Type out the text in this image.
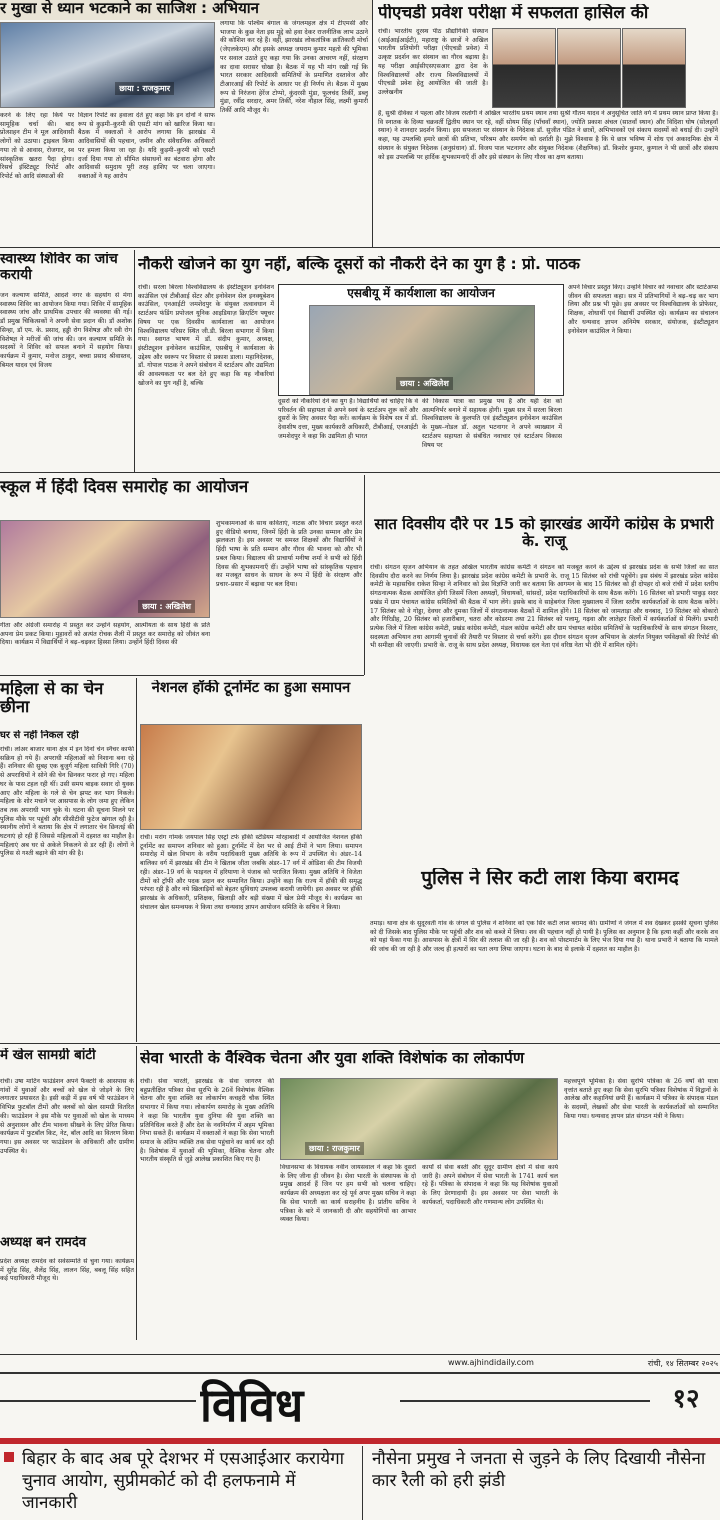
र मुखा से ध्यान भटकाने का साजिश : अभियान
छाया : राजकुमार
करने के लिए रहा किये पर सामूहिक चर्चा की। बाद प्रोत्साहन टीम ने मूल आदिवासी लोगों को उठाया। ट्राइबल किया गया तो से आवास, रोजगार, स्व सांस्कृतिक खतरा पैदा होगा। रिसर्च इंस्टिट्यूट रिपोर्ट और रिपोर्ट को आदि संस्थाओं की
विज्ञान रिपोर्ट का हवाला देते हुए कहा कि इन दोनों ने साफ रूप से कुड़मी–कुरमी की एसटी मांग को खारिज किया था। बैठक में वक्ताओं ने आरोप लगाया कि झारखंड में आदिवासियों की पहचान, जमीन और संवैधानिक अधिकारों पर हमला किया जा रहा है। यदि कुड़मी–कुरमी को एसटी दर्जा दिया गया तो सीमित संसाधनों का बंटवारा होगा और आदिवासी समुदाय पूरी तरह हाशिए पर चला जाएगा। वक्ताओं ने यह आरोप
लगाया कि पश्चिम बंगाल के जंगलमहल क्षेत्र में टीएमसी और भाजपा के कुछ नेता इस मुद्दे को हवा देकर राजनीतिक लाभ उठाने की कोशिश कर रहे हैं। वहीं, झारखंड लोकतांत्रिक क्रांतिकारी मोर्चा (जेएलकेएम) और इसके अध्यक्ष जयराम कुमार महतो की भूमिका पर सवाल उठाते हुए कहा गया कि उनका आचरण नहीं, संरक्षण का दावा सरासर धोखा है। बैठक में यह भी मांग रखी गई कि भारत सरकार आदिवासी समितियों के प्रमाणित दस्तावेज और टीआरआई की रिपोर्ट के आधार पर ही निर्णय ले। बैठक में मुख्य रूप से निरंजना हेरेंज टोप्पो, कुंदरसी मुंडा, फूलचंद तिर्की, डब्लू मुंडा, रवींद्र सरदार, अमर तिर्की, नरेश नौहाल सिंह, लक्ष्मी कुमारी तिर्की आदि मौजूद थे।
पीएचडी प्रवेश परीक्षा में सफलता हासिल की
रांची। भारतीय दूरस्थ पीठ प्रौद्योगिकी संस्थान (आईआईआईटी), महाराष्ट्र के छात्रों ने अखिल भारतीय प्रतियोगी परीक्षा (पीएचडी प्रवेश) में उत्कृष्ट प्रदर्शन कर संस्थान का गौरव बढ़ाया है। यह परीक्षा आईसीएसएसआर द्वारा देश के विश्वविद्यालयों और राज्य विश्वविद्यालयों में पीएचडी प्रवेश हेतु आयोजित की जाती है। उल्लेखनीय
है, सुश्री देविका ने पहला और विजय रस्तोगी ने अखिल भारतीय प्रथम स्थान तथा सुश्री गौतम यादव ने अनुसूचित जाति वर्ग में प्रथम स्थान प्राप्त किया है। वि स्नातक के दिव्या चक्रवर्ती द्वितीय स्थान पर रहे, वहीं सोयम सिंह (पाँचवाँ स्थान), ज्योति प्रकाश अंचल (सातवाँ स्थान) और विदिशा घोष (सोलहवाँ स्थान) ने शानदार प्रदर्शन किया। इस सफलता पर संस्थान के निदेशक डॉ. सुजीत पंडित ने छात्रों, अभिभावकों एवं संकाय सदस्यों को बधाई दी। उन्होंने कहा, यह उपलब्धि हमारे छात्रों की प्रतिभा, परिश्रम और समर्पण को दर्शाती है। मुझे विश्वास है कि ये छात्र भविष्य में शोध एवं अकादमिक क्षेत्र में संस्थान के संयुक्त निदेशक (अनुसंधान) डॉ. विजय पाल भटनागर और संयुक्त निदेशक (शैक्षणिक) डॉ. किशोर कुमार, कुणाल ने भी छात्रों और संकाय को इस उपलब्धि पर हार्दिक शुभकामनाएँ दीं और इसे संस्थान के लिए गौरव का क्षण बताया।
स्वास्थ्य शिविर का जांच करायी
जन कल्याण समिति, आदर्श नगर के सहयोग से मेगा स्वास्थ्य शिविर का आयोजन किया गया। शिविर में सामूहिक स्वास्थ्य जांच और प्राथमिक उपचार की व्यवस्था की गई। डॉ प्रमुख चिकित्सकों ने अपनी सेवा प्रदान की। डॉ अशोक सिन्हा, डॉ एम. के. प्रसाद, हड्डी रोग विशेषज्ञ और स्त्री रोग विशेषज्ञ ने मरीजों की जांच की। जन कल्याण समिति के सदस्यों ने शिविर को सफल बनाने में सहयोग किया। कार्यक्रम में कुमार, मनोज ठाकुर, बच्चा प्रसाद श्रीवास्तव, बिमल यादव एवं विजय
नौकरी खोजने का युग नहीं, बल्कि दूसरों को नौकरी देने का युग है : प्रो. पाठक
रांची। सरला बिरला विश्वविद्यालय के इंस्टीट्यूशन इनोवेशन काउंसिल एवं टीबीआई सेंटर और इनोवेशन सेल इनक्यूबेशन काउंसिल, एनआईटी जमशेदपुर के संयुक्त तत्वावधान में स्टार्टअप फंडिंग प्रपोजल यूनिक आइडियाज़ क्रिएटिंग फ्यूचर विषय पर एक दिवसीय कार्यशाला का आयोजन विश्वविद्यालय परिसर स्थित जी.डी. बिरला सभागार में किया गया। स्वागत भाषण में डॉ. संदीप कुमार, अध्यक्ष, इंस्टीट्यूशन इनोवेशन काउंसिल, एसबीयू ने कार्यशाला के उद्देश्य और स्वरूप पर विस्तार से प्रकाश डाला। महानिदेशक, डॉ. गोपाल पाठक ने अपने संबोधन में स्टार्टअप और उद्यमिता की आवश्यकता पर बल देते हुए कहा कि यह नौकरियां खोजने का युग नहीं है, बल्कि
एसबीयू में कार्यशाला का आयोजन
छाया : अखिलेश
दूसरों को नौकरियां देने का युग है। विद्यार्थियों को चाहिए कि वे परिवर्तन की सहायता से अपने स्वयं के स्टार्टअप शुरू करें और दूसरों के लिए अवसर पैदा करें। कार्यक्रम के विशेष सत्र में डॉ. देवाशीष दत्ता, मुख्य कार्यकारी अधिकारी, टीबीआई, एनआईटी जमशेदपुर ने कहा कि उद्यमिता ही भारत
की विकास यात्रा का प्रमुख पथ है और यही देश को आत्मनिर्भर बनाने में सहायक होगी। मुख्य सत्र में सरला बिरला विश्वविद्यालय के कुलपति एवं इंस्टीट्यूशन इनोवेशन काउंसिल के मुख्य–नोडल डॉ. अतुल भटनागर ने अपने व्याख्यान में स्टार्टअप सहायता से संबंधित नवाचार एवं स्टार्टअप विकास विषय पर
अपने विचार प्रस्तुत किए। उन्होंने विचार को नवाचार और स्टार्टअप्स जीवन की सफलता कहा। सत्र में प्रतिभागियों ने बढ़–चढ़ कर भाग लिया और प्रश्न भी पूछे। इस अवसर पर विश्वविद्यालय के प्रोफेसर, शिक्षक, शोधार्थी एवं विद्यार्थी उपस्थित रहे। कार्यक्रम का संचालन और धन्यवाद ज्ञापन अनिमेष सरकार, संयोजक, इंस्टीट्यूशन इनोवेशन काउंसिल ने किया।
स्कूल में हिंदी दिवस समारोह का आयोजन
छाया : अखिलेश
गीता और अंग्रेजी समारोह में प्रस्तुत कर उन्होंने सहयोग, आत्मीयता के साथ हिंदी के प्रति अपना प्रेम प्रकट किया। मुहावरों को अत्यंत रोचक शैली में प्रस्तुत कर समारोह को जीवंत बना दिया। कार्यक्रम में विद्यार्थियों ने बढ़–चढ़कर हिस्सा लिया। उन्होंने हिंदी दिवस की
शुभकामनाओं के साथ कविताएं, नाटक और विचार प्रस्तुत करते हुए वीडियो बनाया, जिनमें हिंदी के प्रति उनका सम्मान और प्रेम झलकता है। इस अवसर पर समस्त शिक्षकों और विद्यार्थियों ने हिंदी भाषा के प्रति सम्मान और गौरव की भावना को और भी प्रबल किया। विद्यालय की प्राचार्या मनीषा शर्मा ने सभी को हिंदी दिवस की शुभकामनाएँ दीं। उन्होंने भाषा को सांस्कृतिक पहचान का मजबूत साधन के साधन के रूप में हिंदी के संरक्षण और प्रचार–प्रसार में बढ़ावा पर बल दिया।
सात दिवसीय दौरे पर 15 को झारखंड आयेंगे कांग्रेस के प्रभारी के. राजू
रांची। संगठन सृजन अभियान के तहत अखिल भारतीय कांग्रेस कमेटी ने संगठन को मजबूत करने के उद्देश्य से झारखंड प्रदेश के सभी जिलों का सात दिवसीय दौरा करने का निर्णय लिया है। झारखंड प्रदेश कांग्रेस कमेटी के प्रभारी के. राजू 15 सितंबर को रांची पहुंचेंगे। इस संबंध में झारखंड प्रदेश कांग्रेस कमेटी के महासचिव राकेश सिन्हा ने शनिवार को प्रेस विज्ञप्ति जारी कर बताया कि आगमन के बाद 15 सितंबर को ही दोपहर दो बजे रांची में प्रदेश स्तरीय संगठनात्मक बैठक आयोजित होगी जिसमें जिला अध्यक्षों, विधायकों, सांसदों, प्रदेश पदाधिकारियों के साथ बैठक करेंगे। 16 सितंबर को प्रभारी पाकुड़ सदर प्रखंड में ग्राम पंचायत कांग्रेस समितियों की बैठक में भाग लेंगे। इसके बाद वे साहेबगंज जिला मुख्यालय में जिला स्तरीय कार्यकर्ताओं के साथ बैठक करेंगे। 17 सितंबर को वे गोड्डा, देवघर और दुमका जिलों में संगठनात्मक बैठकों में शामिल होंगे। 18 सितंबर को जामताड़ा और धनबाद, 19 सितंबर को बोकारो और गिरिडीह, 20 सितंबर को हजारीबाग, चतरा और कोडरमा तथा 21 सितंबर को पलामू, गढ़वा और लातेहार जिलों में कार्यकर्ताओं से मिलेंगे। प्रभारी प्रत्येक जिले में जिला कांग्रेस कमेटी, प्रखंड कांग्रेस कमेटी, मंडल कांग्रेस कमेटी और ग्राम पंचायत कांग्रेस समितियों के पदाधिकारियों के साथ संगठन विस्तार, सदस्यता अभियान तथा आगामी चुनावों की तैयारी पर विस्तार से चर्चा करेंगे। इस दौरान संगठन सृजन अभियान के अंतर्गत नियुक्त पर्यवेक्षकों की रिपोर्ट की भी समीक्षा की जाएगी। प्रभारी के. राजू के साथ प्रदेश अध्यक्ष, विधायक दल नेता एवं वरिष्ठ नेता भी दौरे में शामिल रहेंगे।
महिला से का चेन छीना
घर से नहीं निकल रही
रांची। लोअर बाजार थाना क्षेत्र में इन दिनों चेन स्नैचर काफी सक्रिय हो गये हैं। अपराधी महिलाओं को निशाना बना रहे हैं। शनिवार की सुबह एक बुजुर्ग महिला सावित्री गिरि (70) से अपराधियों ने सोने की चेन छिनकर फरार हो गए। महिला घर के पास टहल रही थीं। उसी समय बाइक सवार दो युवक आए और महिला के गले से चेन झपट कर भाग निकले। महिला के शोर मचाने पर आसपास के लोग जमा हुए लेकिन तब तक अपराधी भाग चुके थे। घटना की सूचना मिलने पर पुलिस मौके पर पहुंची और सीसीटीवी फुटेज खंगाल रही है। स्थानीय लोगों ने बताया कि क्षेत्र में लगातार चेन छिनतई की घटनाएं हो रही हैं जिससे महिलाओं में दहशत का माहौल है। महिलाएं अब घर से अकेले निकलने से डर रही हैं। लोगों ने पुलिस से गश्ती बढ़ाने की मांग की है।
नेशनल हॉकी टूर्नामेंट का हुआ समापन
रांची। मरांग गोमके जयपाल सिंह एस्ट्रो टर्फ हॉकी स्टेडियम मोरहाबादी में आयोजित नेशनल हॉकी टूर्नामेंट का समापन शनिवार को हुआ। टूर्नामेंट में देश भर से आई टीमों ने भाग लिया। समापन समारोह में खेल विभाग के वरीय पदाधिकारी मुख्य अतिथि के रूप में उपस्थित थे। अंडर–14 बालिका वर्ग में झारखंड की टीम ने खिताब जीता जबकि अंडर–17 वर्ग में ओडिशा की टीम विजयी रही। अंडर–19 वर्ग के फाइनल में हरियाणा ने पंजाब को पराजित किया। मुख्य अतिथि ने विजेता टीमों को ट्रॉफी और पदक प्रदान कर सम्मानित किया। उन्होंने कहा कि राज्य में हॉकी की समृद्ध परंपरा रही है और नये खिलाड़ियों को बेहतर सुविधाएं उपलब्ध करायी जायेंगी। इस अवसर पर हॉकी झारखंड के अधिकारी, प्रशिक्षक, खिलाड़ी और बड़ी संख्या में खेल प्रेमी मौजूद थे। कार्यक्रम का संचालन खेल समन्वयक ने किया तथा धन्यवाद ज्ञापन आयोजन समिति के सचिव ने किया।
पुलिस ने सिर कटी लाश किया बरामद
तमाड़। थाना क्षेत्र के सुदूरवर्ती गांव के जंगल से पुलिस ने शनिवार को एक सिर कटी लाश बरामद की। ग्रामीणों ने जंगल में शव देखकर इसकी सूचना पुलिस को दी जिसके बाद पुलिस मौके पर पहुंची और शव को कब्जे में लिया। शव की पहचान नहीं हो पायी है। पुलिस का अनुमान है कि हत्या कहीं और करके शव को यहां फेंका गया है। आसपास के क्षेत्रों में सिर की तलाश की जा रही है। शव को पोस्टमार्टम के लिए भेज दिया गया है। थाना प्रभारी ने बताया कि मामले की जांच की जा रही है और जल्द ही हत्यारों का पता लगा लिया जाएगा। घटना के बाद से इलाके में दहशत का माहौल है।
में खेल सामग्री बांटी
रांची। उषा मार्टिन फाउंडेशन अपने फैक्टरी के आसपास के गांवों में युवाओं और बच्चों को खेल से जोड़ने के लिए लगातार प्रयासरत है। इसी कड़ी में इस वर्ष भी फाउंडेशन ने विभिन्न फुटबॉल टीमों और क्लबों को खेल सामग्री वितरित की। फाउंडेशन ने इस मौके पर युवाओं को खेल के माध्यम से अनुशासन और टीम भावना सीखने के लिए प्रेरित किया। कार्यक्रम में फुटबॉल किट, नेट, बॉल आदि का वितरण किया गया। इस अवसर पर फाउंडेशन के अधिकारी और ग्रामीण उपस्थित थे।
अध्यक्ष बने रामदेव
प्रदेश अध्यक्ष रामदेव को सर्वसम्मति से चुना गया। कार्यक्रम में सुरेंद्र सिंह, शैलेंद्र सिंह, लालन सिंह, बबलू सिंह सहित कई पदाधिकारी मौजूद थे।
सेवा भारती के वैश्विक चेतना और युवा शक्ति विशेषांक का लोकार्पण
रांची। सेवा भारती, झारखंड के सेवा जागरण की बहुप्रतीक्षित पत्रिका सेवा सुरभि के 26वें विशेषांक वैश्विक चेतना और युवा शक्ति का लोकार्पण कचहरी चौक स्थित सभागार में किया गया। लोकार्पण समारोह के मुख्य अतिथि ने कहा कि भारतीय युवा दुनिया की युवा शक्ति का प्रतिनिधित्व करते हैं और देश के नवनिर्माण में अहम भूमिका निभा सकते हैं। कार्यक्रम में वक्ताओं ने कहा कि सेवा भारती समाज के अंतिम व्यक्ति तक सेवा पहुंचाने का कार्य कर रही है। विशेषांक में युवाओं की भूमिका, वैश्विक चेतना और भारतीय संस्कृति से जुड़े आलेख प्रकाशित किए गए हैं।
छाया : राजकुमार
विधानसभा के विधायक नवीन जायसवाल ने कहा कि दूसरों के लिए जीना ही जीवन है। सेवा भारती के संस्थापक के दो प्रमुख आदर्श हैं जिन पर हम सभी को चलना चाहिए। कार्यक्रम की अध्यक्षता कर रहे पूर्व अपर मुख्य सचिव ने कहा कि सेवा भारती का कार्य सराहनीय है। प्रांतीय सचिव ने पत्रिका के बारे में जानकारी दी और सहयोगियों का आभार व्यक्त किया।
कार्यों से सेवा बस्ती और सुदूर ग्रामीण क्षेत्रों में सेवा कार्य जारी है। अपने संबोधन में सेवा भारती के 1741 कार्य चल रहे हैं। पत्रिका के संपादक ने कहा कि यह विशेषांक युवाओं के लिए प्रेरणादायी है। इस अवसर पर सेवा भारती के कार्यकर्ता, पदाधिकारी और गणमान्य लोग उपस्थित थे।
महत्त्वपूर्ण भूमिका है। सेवा सुरभि पत्रिका के 26 वर्षों की यात्रा वृत्तांत बताते हुए कहा कि सेवा सुरभि पत्रिका विशेषांक में विद्वानों के आलेख और कहानियां छपी हैं। कार्यक्रम में पत्रिका के संपादक मंडल के सदस्यों, लेखकों और सेवा भारती के कार्यकर्ताओं को सम्मानित किया गया। धन्यवाद ज्ञापन प्रांत संगठन मंत्री ने किया।
www.ajhindidaily.com	रांची, १४ सितम्बर २०२५
विविध	१२
बिहार के बाद अब पूरे देशभर में एसआईआर करायेगा चुनाव आयोग, सुप्रीमकोर्ट को दी हलफनामे में जानकारी
नौसेना प्रमुख ने जनता से जुड़ने के लिए दिखायी नौसेना कार रैली को हरी झंडी
